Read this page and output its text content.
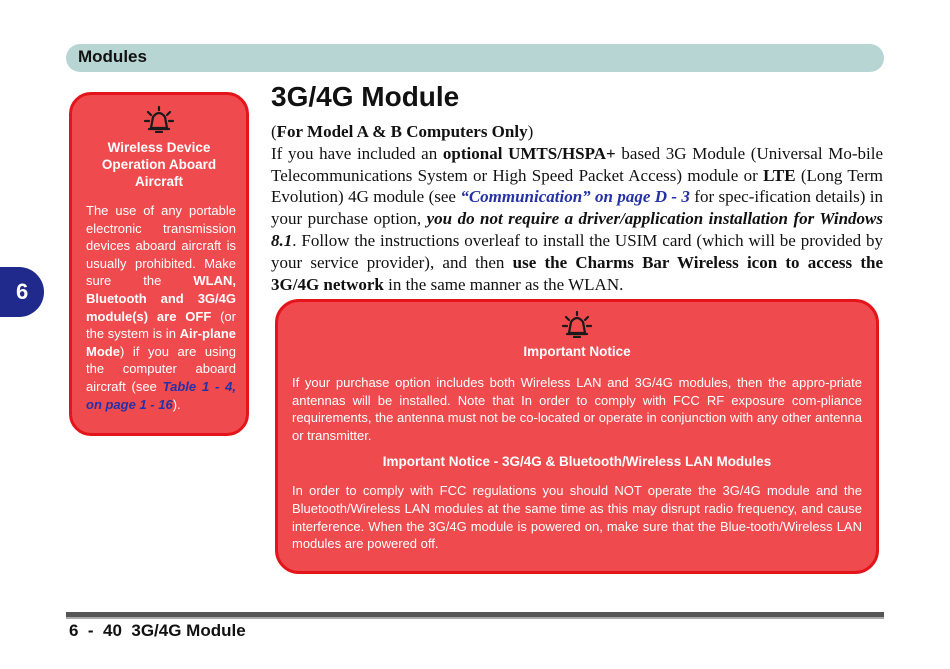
Modules
6
Wireless Device Operation Aboard Aircraft
The use of any portable electronic transmission devices aboard aircraft is usually prohibited. Make sure the WLAN, Bluetooth and 3G/4G module(s) are OFF (or the system is in Air-plane Mode) if you are using the computer aboard aircraft (see Table 1 - 4, on page 1 - 16).
3G/4G Module

(For Model A & B Computers Only)

If you have included an optional UMTS/HSPA+ based 3G Module (Universal Mo-bile Telecommunications System or High Speed Packet Access) module or LTE (Long Term Evolution) 4G module (see “Communication” on page D - 3 for spec-ification details) in your purchase option, you do not require a driver/application installation for Windows 8.1. Follow the instructions overleaf to install the USIM card (which will be provided by your service provider), and then use the Charms Bar Wireless icon to access the 3G/4G network in the same manner as the WLAN.

Important Notice
If your purchase option includes both Wireless LAN and 3G/4G modules, then the appro-priate antennas will be installed. Note that In order to comply with FCC RF exposure com-pliance requirements, the antenna must not be co-located or operate in conjunction with any other antenna or transmitter.
Important Notice - 3G/4G & Bluetooth/Wireless LAN Modules
In order to comply with FCC regulations you should NOT operate the 3G/4G module and the Bluetooth/Wireless LAN modules at the same time as this may disrupt radio frequency, and cause interference. When the 3G/4G module is powered on, make sure that the Blue-tooth/Wireless LAN modules are powered off.
6  -  40 3G/4G Module
